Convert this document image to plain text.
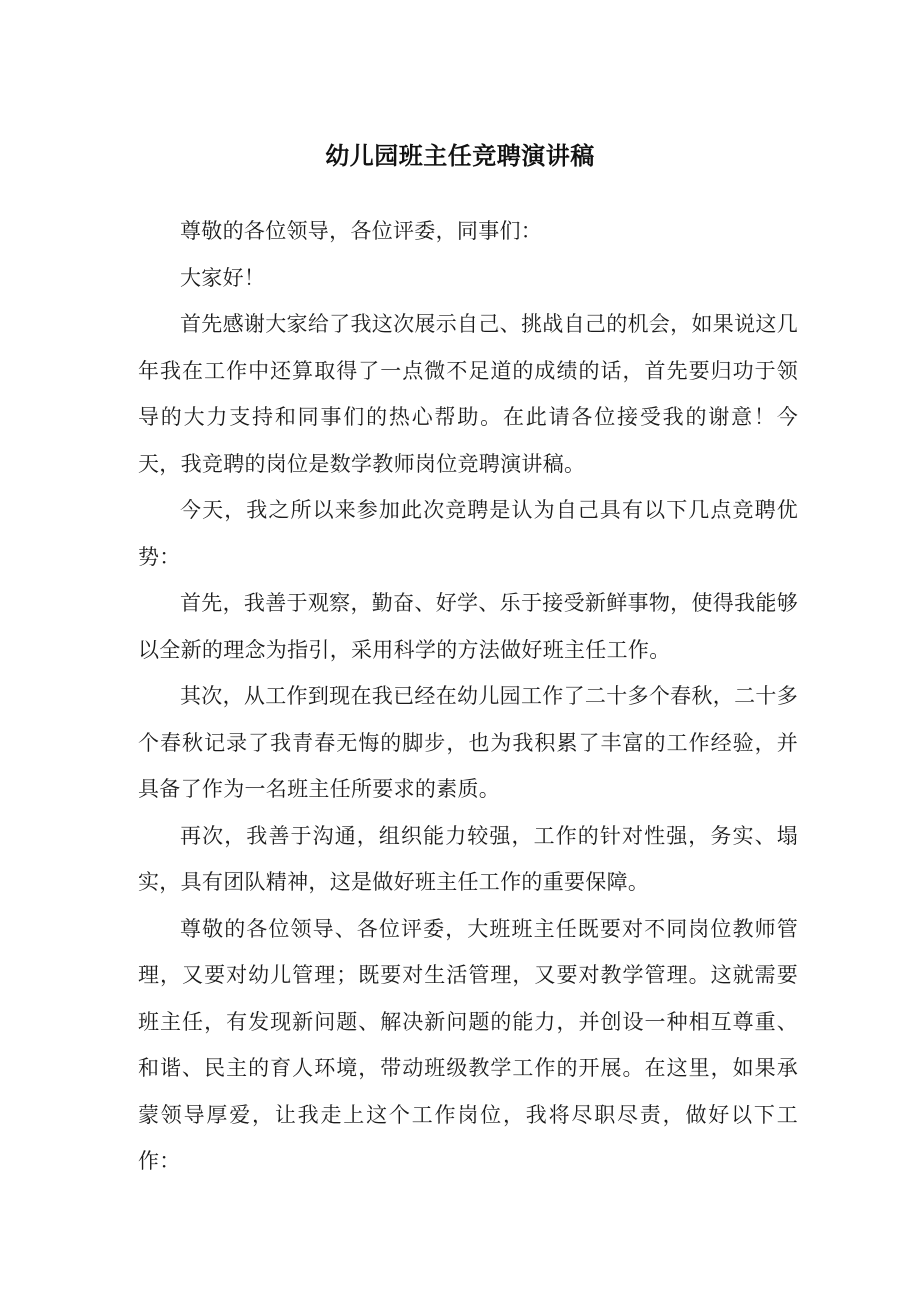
幼儿园班主任竞聘演讲稿

尊敬的各位领导，各位评委，同事们：

大家好！

首先感谢大家给了我这次展示自己、挑战自己的机会，如果说这几年我在工作中还算取得了一点微不足道的成绩的话，首先要归功于领导的大力支持和同事们的热心帮助。在此请各位接受我的谢意！今天，我竞聘的岗位是数学教师岗位竞聘演讲稿。

今天，我之所以来参加此次竞聘是认为自己具有以下几点竞聘优势：

首先，我善于观察，勤奋、好学、乐于接受新鲜事物，使得我能够以全新的理念为指引，采用科学的方法做好班主任工作。

其次，从工作到现在我已经在幼儿园工作了二十多个春秋，二十多个春秋记录了我青春无悔的脚步，也为我积累了丰富的工作经验，并具备了作为一名班主任所要求的素质。

再次，我善于沟通，组织能力较强，工作的针对性强，务实、塌实，具有团队精神，这是做好班主任工作的重要保障。

尊敬的各位领导、各位评委，大班班主任既要对不同岗位教师管理，又要对幼儿管理；既要对生活管理，又要对教学管理。这就需要班主任，有发现新问题、解决新问题的能力，并创设一种相互尊重、和谐、民主的育人环境，带动班级教学工作的开展。在这里，如果承蒙领导厚爱，让我走上这个工作岗位，我将尽职尽责，做好以下工作：
